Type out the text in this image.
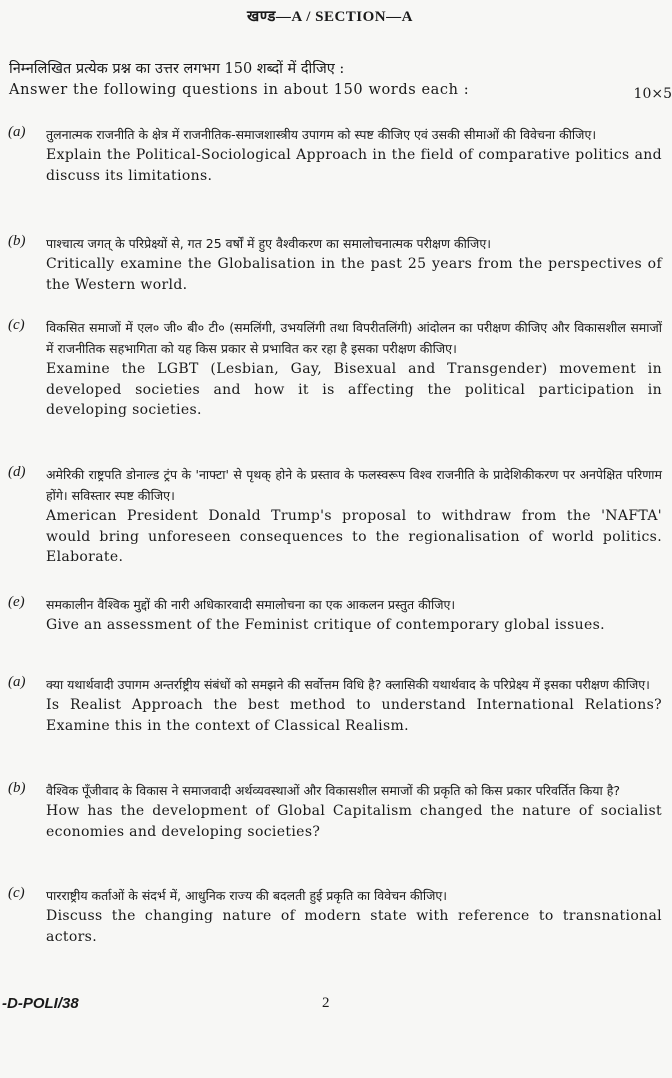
खण्ड—A / SECTION—A
निम्नलिखित प्रत्येक प्रश्न का उत्तर लगभग 150 शब्दों में दीजिए :
Answer the following questions in about 150 words each :	10×5
(a) तुलनात्मक राजनीति के क्षेत्र में राजनीतिक-समाजशास्त्रीय उपागम को स्पष्ट कीजिए एवं उसकी सीमाओं की विवेचना कीजिए।
Explain the Political-Sociological Approach in the field of comparative politics and discuss its limitations.
(b) पाश्चात्य जगत् के परिप्रेक्ष्यों से, गत 25 वर्षों में हुए वैश्वीकरण का समालोचनात्मक परीक्षण कीजिए।
Critically examine the Globalisation in the past 25 years from the perspectives of the Western world.
(c) विकसित समाजों में एल० जी० बी० टी० (समलिंगी, उभयलिंगी तथा विपरीतलिंगी) आंदोलन का परीक्षण कीजिए और विकासशील समाजों में राजनीतिक सहभागिता को यह किस प्रकार से प्रभावित कर रहा है इसका परीक्षण कीजिए।
Examine the LGBT (Lesbian, Gay, Bisexual and Transgender) movement in developed societies and how it is affecting the political participation in developing societies.
(d) अमेरिकी राष्ट्रपति डोनाल्ड ट्रंप के 'नाफ्टा' से पृथक् होने के प्रस्ताव के फलस्वरूप विश्व राजनीति के प्रादेशिकीकरण पर अनपेक्षित परिणाम होंगे। सविस्तार स्पष्ट कीजिए।
American President Donald Trump's proposal to withdraw from the 'NAFTA' would bring unforeseen consequences to the regionalisation of world politics. Elaborate.
(e) समकालीन वैश्विक मुद्दों की नारी अधिकारवादी समालोचना का एक आकलन प्रस्तुत कीजिए।
Give an assessment of the Feminist critique of contemporary global issues.
(a) क्या यथार्थवादी उपागम अन्तर्राष्ट्रीय संबंधों को समझने की सर्वोत्तम विधि है? क्लासिकी यथार्थवाद के परिप्रेक्ष्य में इसका परीक्षण कीजिए।
Is Realist Approach the best method to understand International Relations? Examine this in the context of Classical Realism.
(b) वैश्विक पूँजीवाद के विकास ने समाजवादी अर्थव्यवस्थाओं और विकासशील समाजों की प्रकृति को किस प्रकार परिवर्तित किया है?
How has the development of Global Capitalism changed the nature of socialist economies and developing societies?
(c) पारराष्ट्रीय कर्ताओं के संदर्भ में, आधुनिक राज्य की बदलती हुई प्रकृति का विवेचन कीजिए।
Discuss the changing nature of modern state with reference to transnational actors.
-D-POLI/38	2
